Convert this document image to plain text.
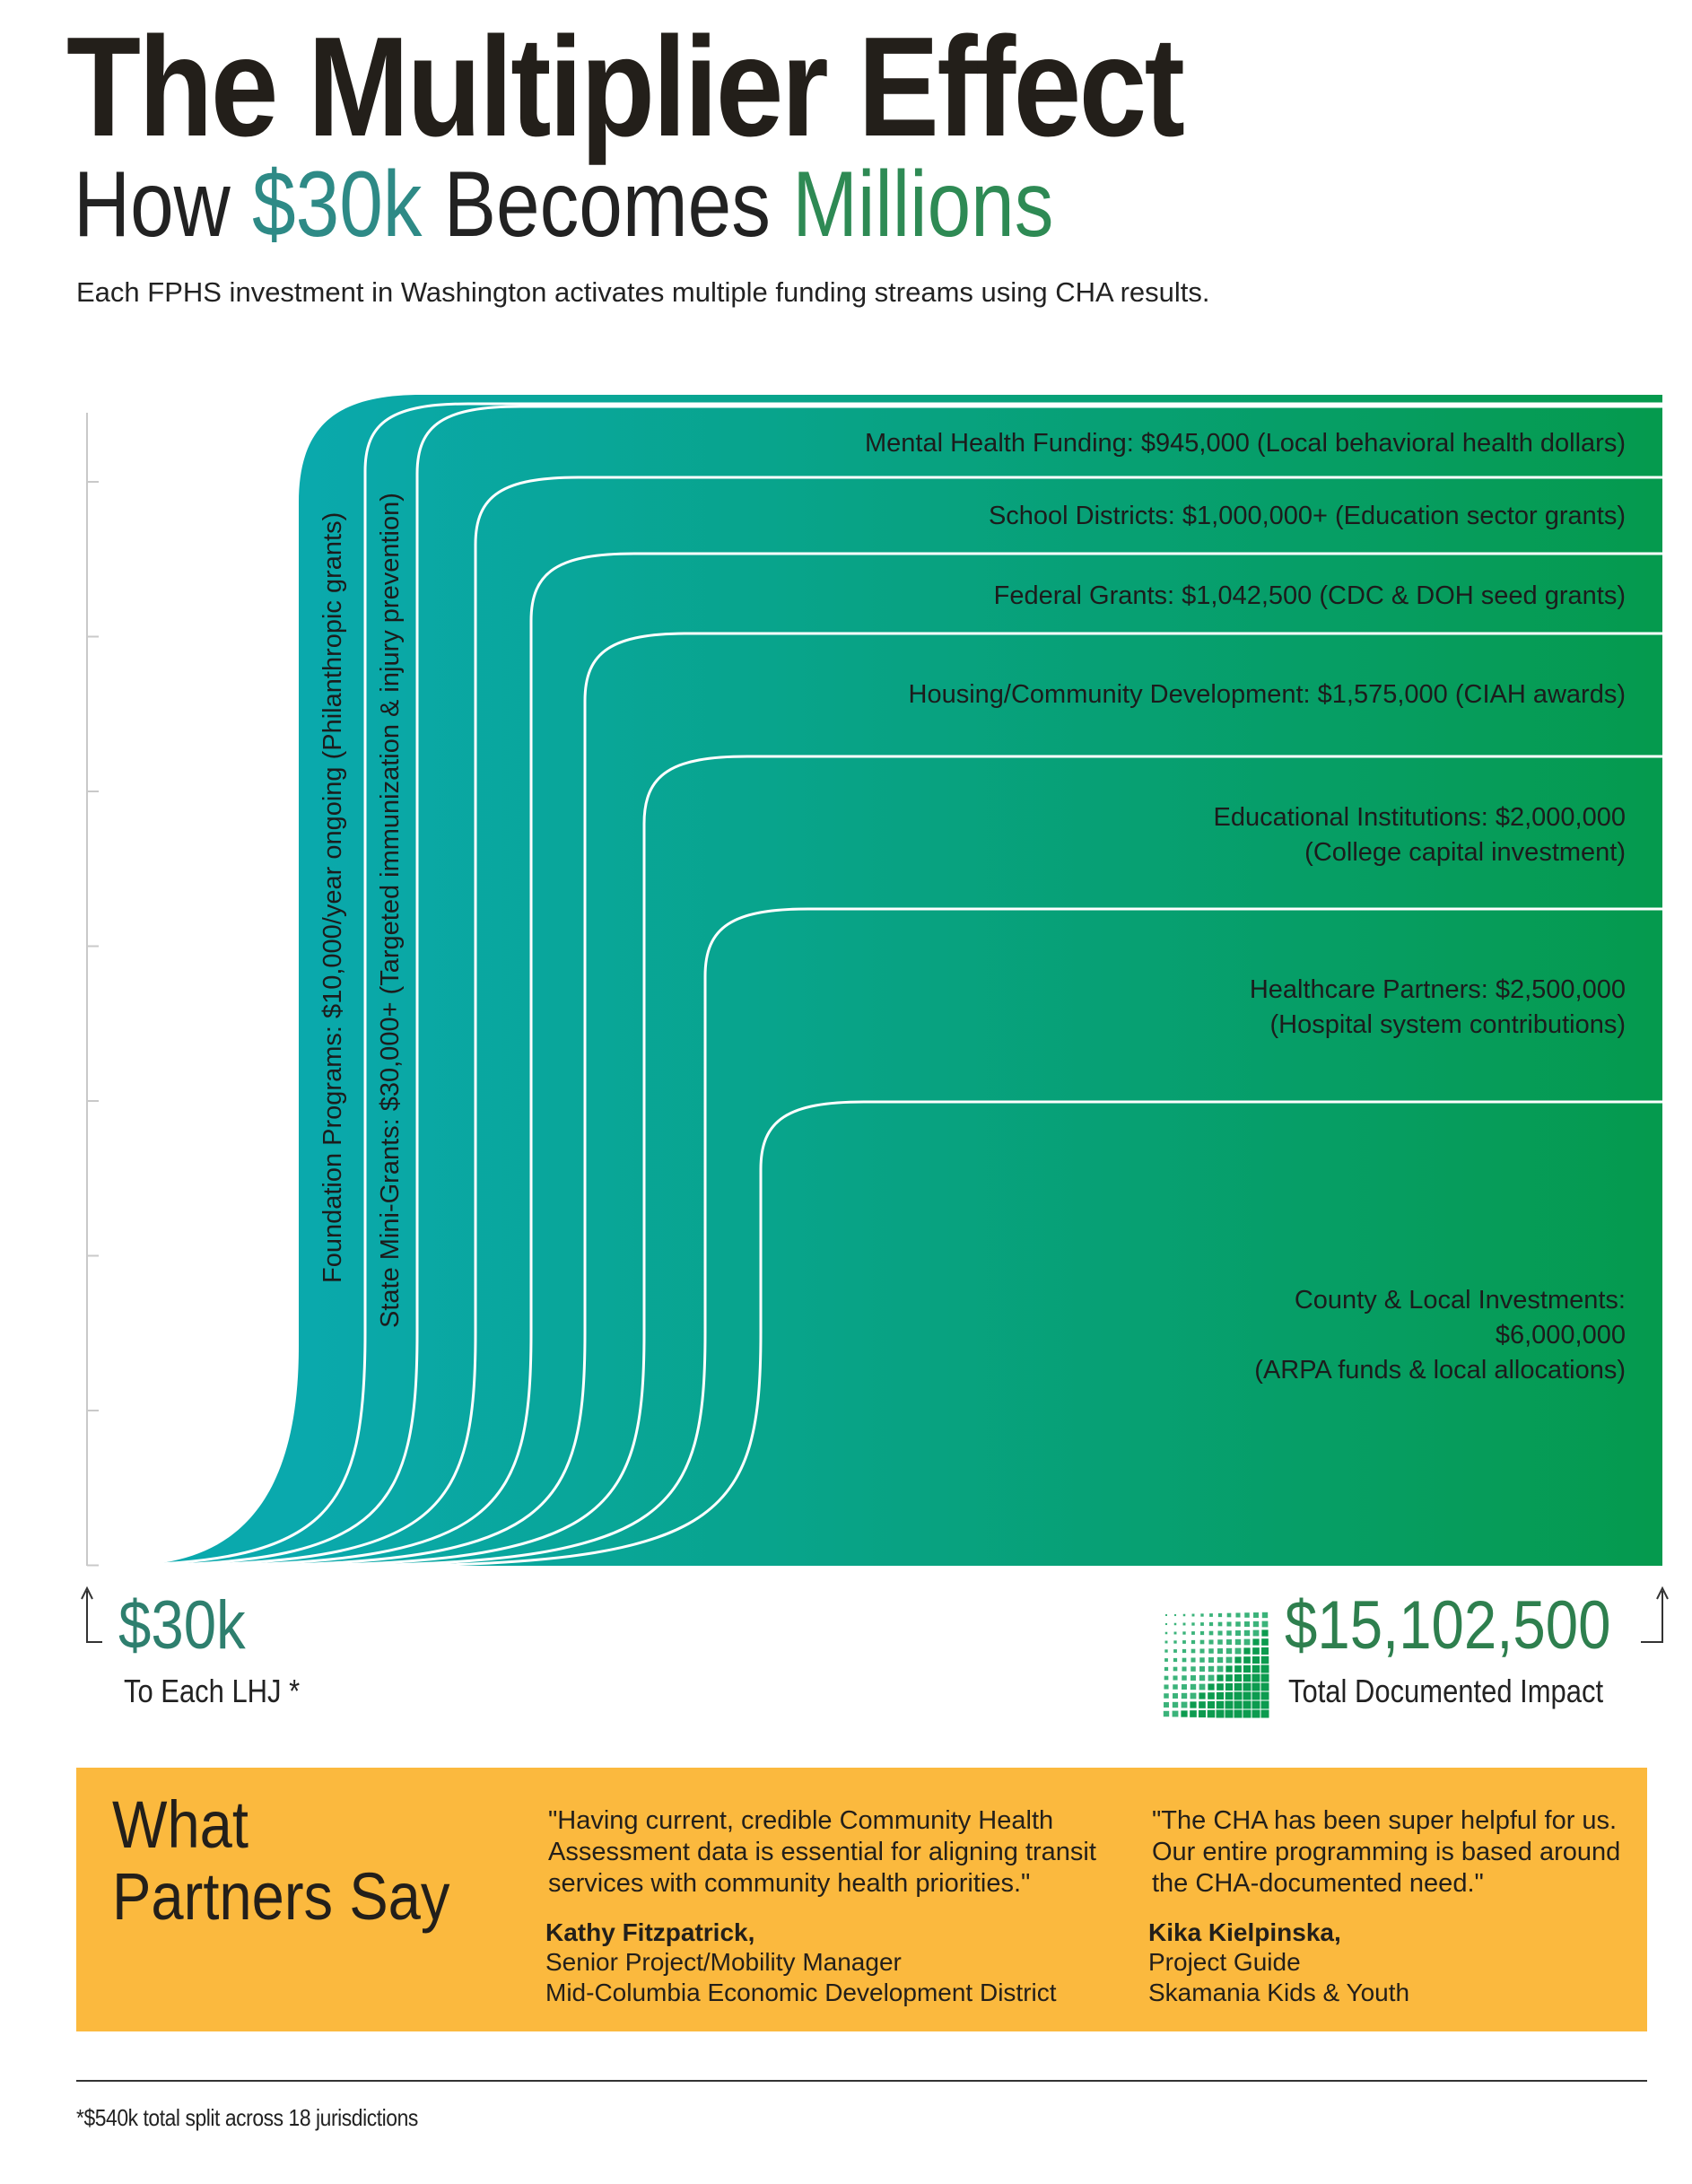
The Multiplier Effect
How $30k Becomes Millions

Each FPHS investment in Washington activates multiple funding streams using CHA results.

Mental Health Funding: $945,000 (Local behavioral health dollars)
School Districts: $1,000,000+ (Education sector grants)
Federal Grants: $1,042,500 (CDC & DOH seed grants)
Housing/Community Development: $1,575,000 (CIAH awards)
Educational Institutions: $2,000,000
(College capital investment)
Healthcare Partners: $2,500,000
(Hospital system contributions)
County & Local Investments:
$6,000,000
(ARPA funds & local allocations)
Foundation Programs: $10,000/year ongoing (Philanthropic grants) State Mini-Grants: $30,000+ (Targeted immunization & injury prevention)
$30k
To Each LHJ *
$15,102,500
Total Documented Impact
What
Partners Say
"Having current, credible Community Health
Assessment data is essential for aligning transit
services with community health priorities."
Kathy Fitzpatrick,
Senior Project/Mobility Manager
Mid-Columbia Economic Development District
"The CHA has been super helpful for us.
Our entire programming is based around
the CHA-documented need."
Kika Kielpinska,
Project Guide
Skamania Kids & Youth
*$540k total split across 18 jurisdictions
